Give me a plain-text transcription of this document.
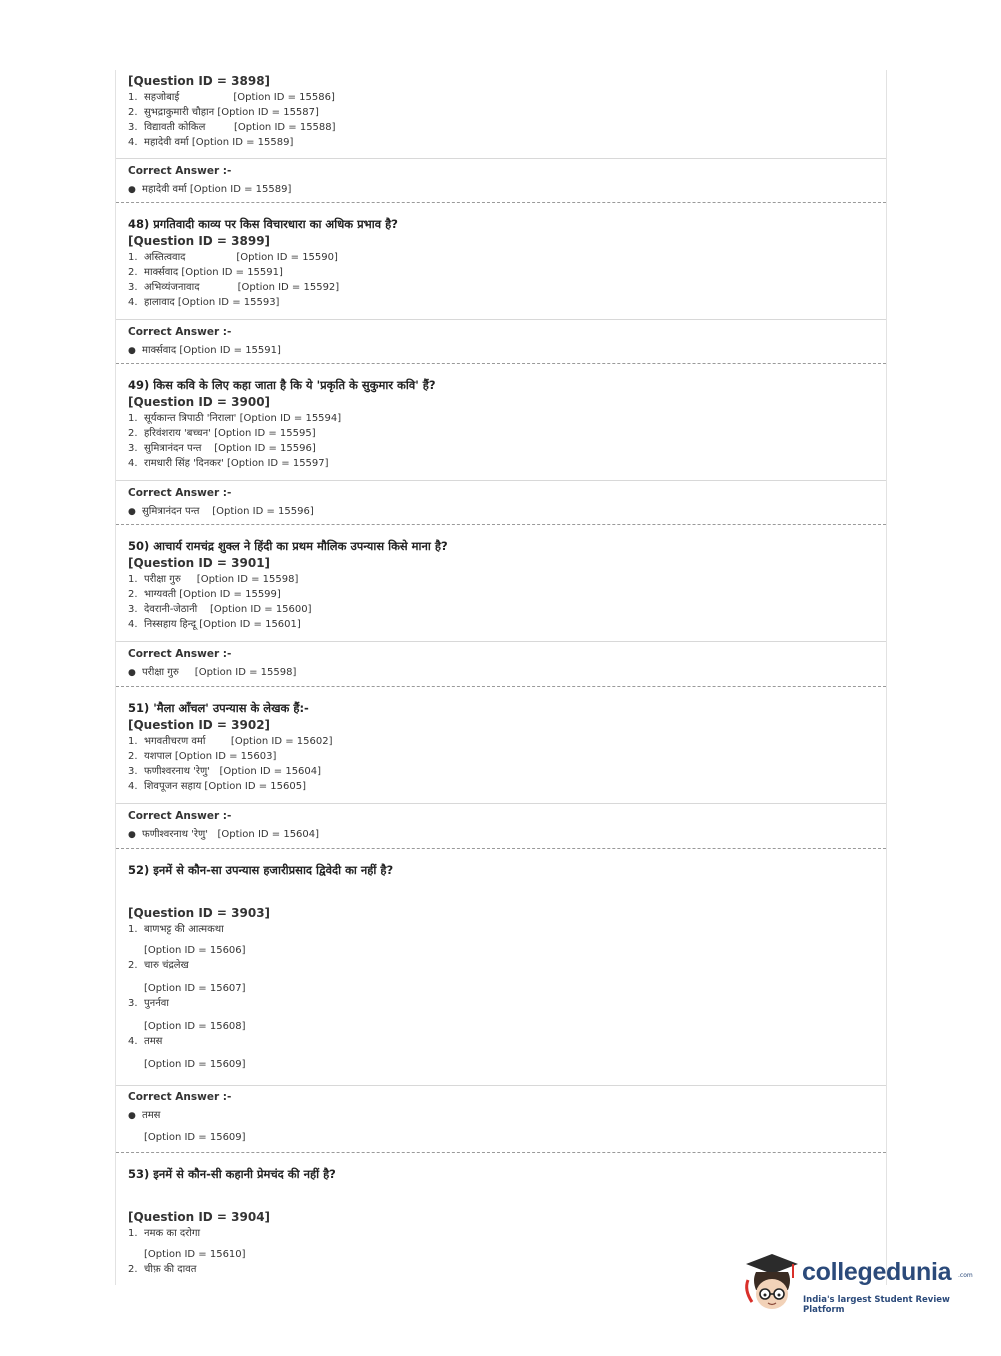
[Question ID = 3898]
1. सहजोबाई                 [Option ID = 15586]
2. सुभद्राकुमारी चौहान [Option ID = 15587]
3. विद्यावती कोकिल         [Option ID = 15588]
4. महादेवी वर्मा [Option ID = 15589]
Correct Answer :-
● महादेवी वर्मा [Option ID = 15589]
48) प्रगतिवादी काव्य पर किस विचारधारा का अधिक प्रभाव है?
[Question ID = 3899]
1. अस्तित्ववाद                [Option ID = 15590]
2. मार्क्सवाद [Option ID = 15591]
3. अभिव्यंजनावाद            [Option ID = 15592]
4. हालावाद [Option ID = 15593]
Correct Answer :-
● मार्क्सवाद [Option ID = 15591]
49) किस कवि के लिए कहा जाता है कि ये 'प्रकृति के सुकुमार कवि' हैं?
[Question ID = 3900]
1. सूर्यकान्त त्रिपाठी 'निराला' [Option ID = 15594]
2. हरिवंशराय 'बच्चन' [Option ID = 15595]
3. सुमित्रानंदन पन्त    [Option ID = 15596]
4. रामधारी सिंह 'दिनकर' [Option ID = 15597]
Correct Answer :-
● सुमित्रानंदन पन्त    [Option ID = 15596]
50) आचार्य रामचंद्र शुक्ल ने हिंदी का प्रथम मौलिक उपन्यास किसे माना है?
[Question ID = 3901]
1. परीक्षा गुरु     [Option ID = 15598]
2. भाग्यवती [Option ID = 15599]
3. देवरानी-जेठानी    [Option ID = 15600]
4. निस्सहाय हिन्दू [Option ID = 15601]
Correct Answer :-
● परीक्षा गुरु     [Option ID = 15598]
51) 'मैला आँचल' उपन्यास के लेखक हैं:-
[Question ID = 3902]
1. भगवतीचरण वर्मा        [Option ID = 15602]
2. यशपाल [Option ID = 15603]
3. फणीश्वरनाथ 'रेणु'   [Option ID = 15604]
4. शिवपूजन सहाय [Option ID = 15605]
Correct Answer :-
● फणीश्वरनाथ 'रेणु'   [Option ID = 15604]
52) इनमें से कौन-सा उपन्यास हजारीप्रसाद द्विवेदी का नहीं है?
[Question ID = 3903]
1. बाणभट्ट की आत्मकथा
[Option ID = 15606]
2. चारु चंद्रलेख
[Option ID = 15607]
3. पुनर्नवा
[Option ID = 15608]
4. तमस
[Option ID = 15609]
Correct Answer :-
● तमस
[Option ID = 15609]
53) इनमें से कौन-सी कहानी प्रेमचंद की नहीं है?
[Question ID = 3904]
1. नमक का दरोगा
[Option ID = 15610]
2. चीफ़ की दावत	collegedunia .com
India's largest Student Review Platform
